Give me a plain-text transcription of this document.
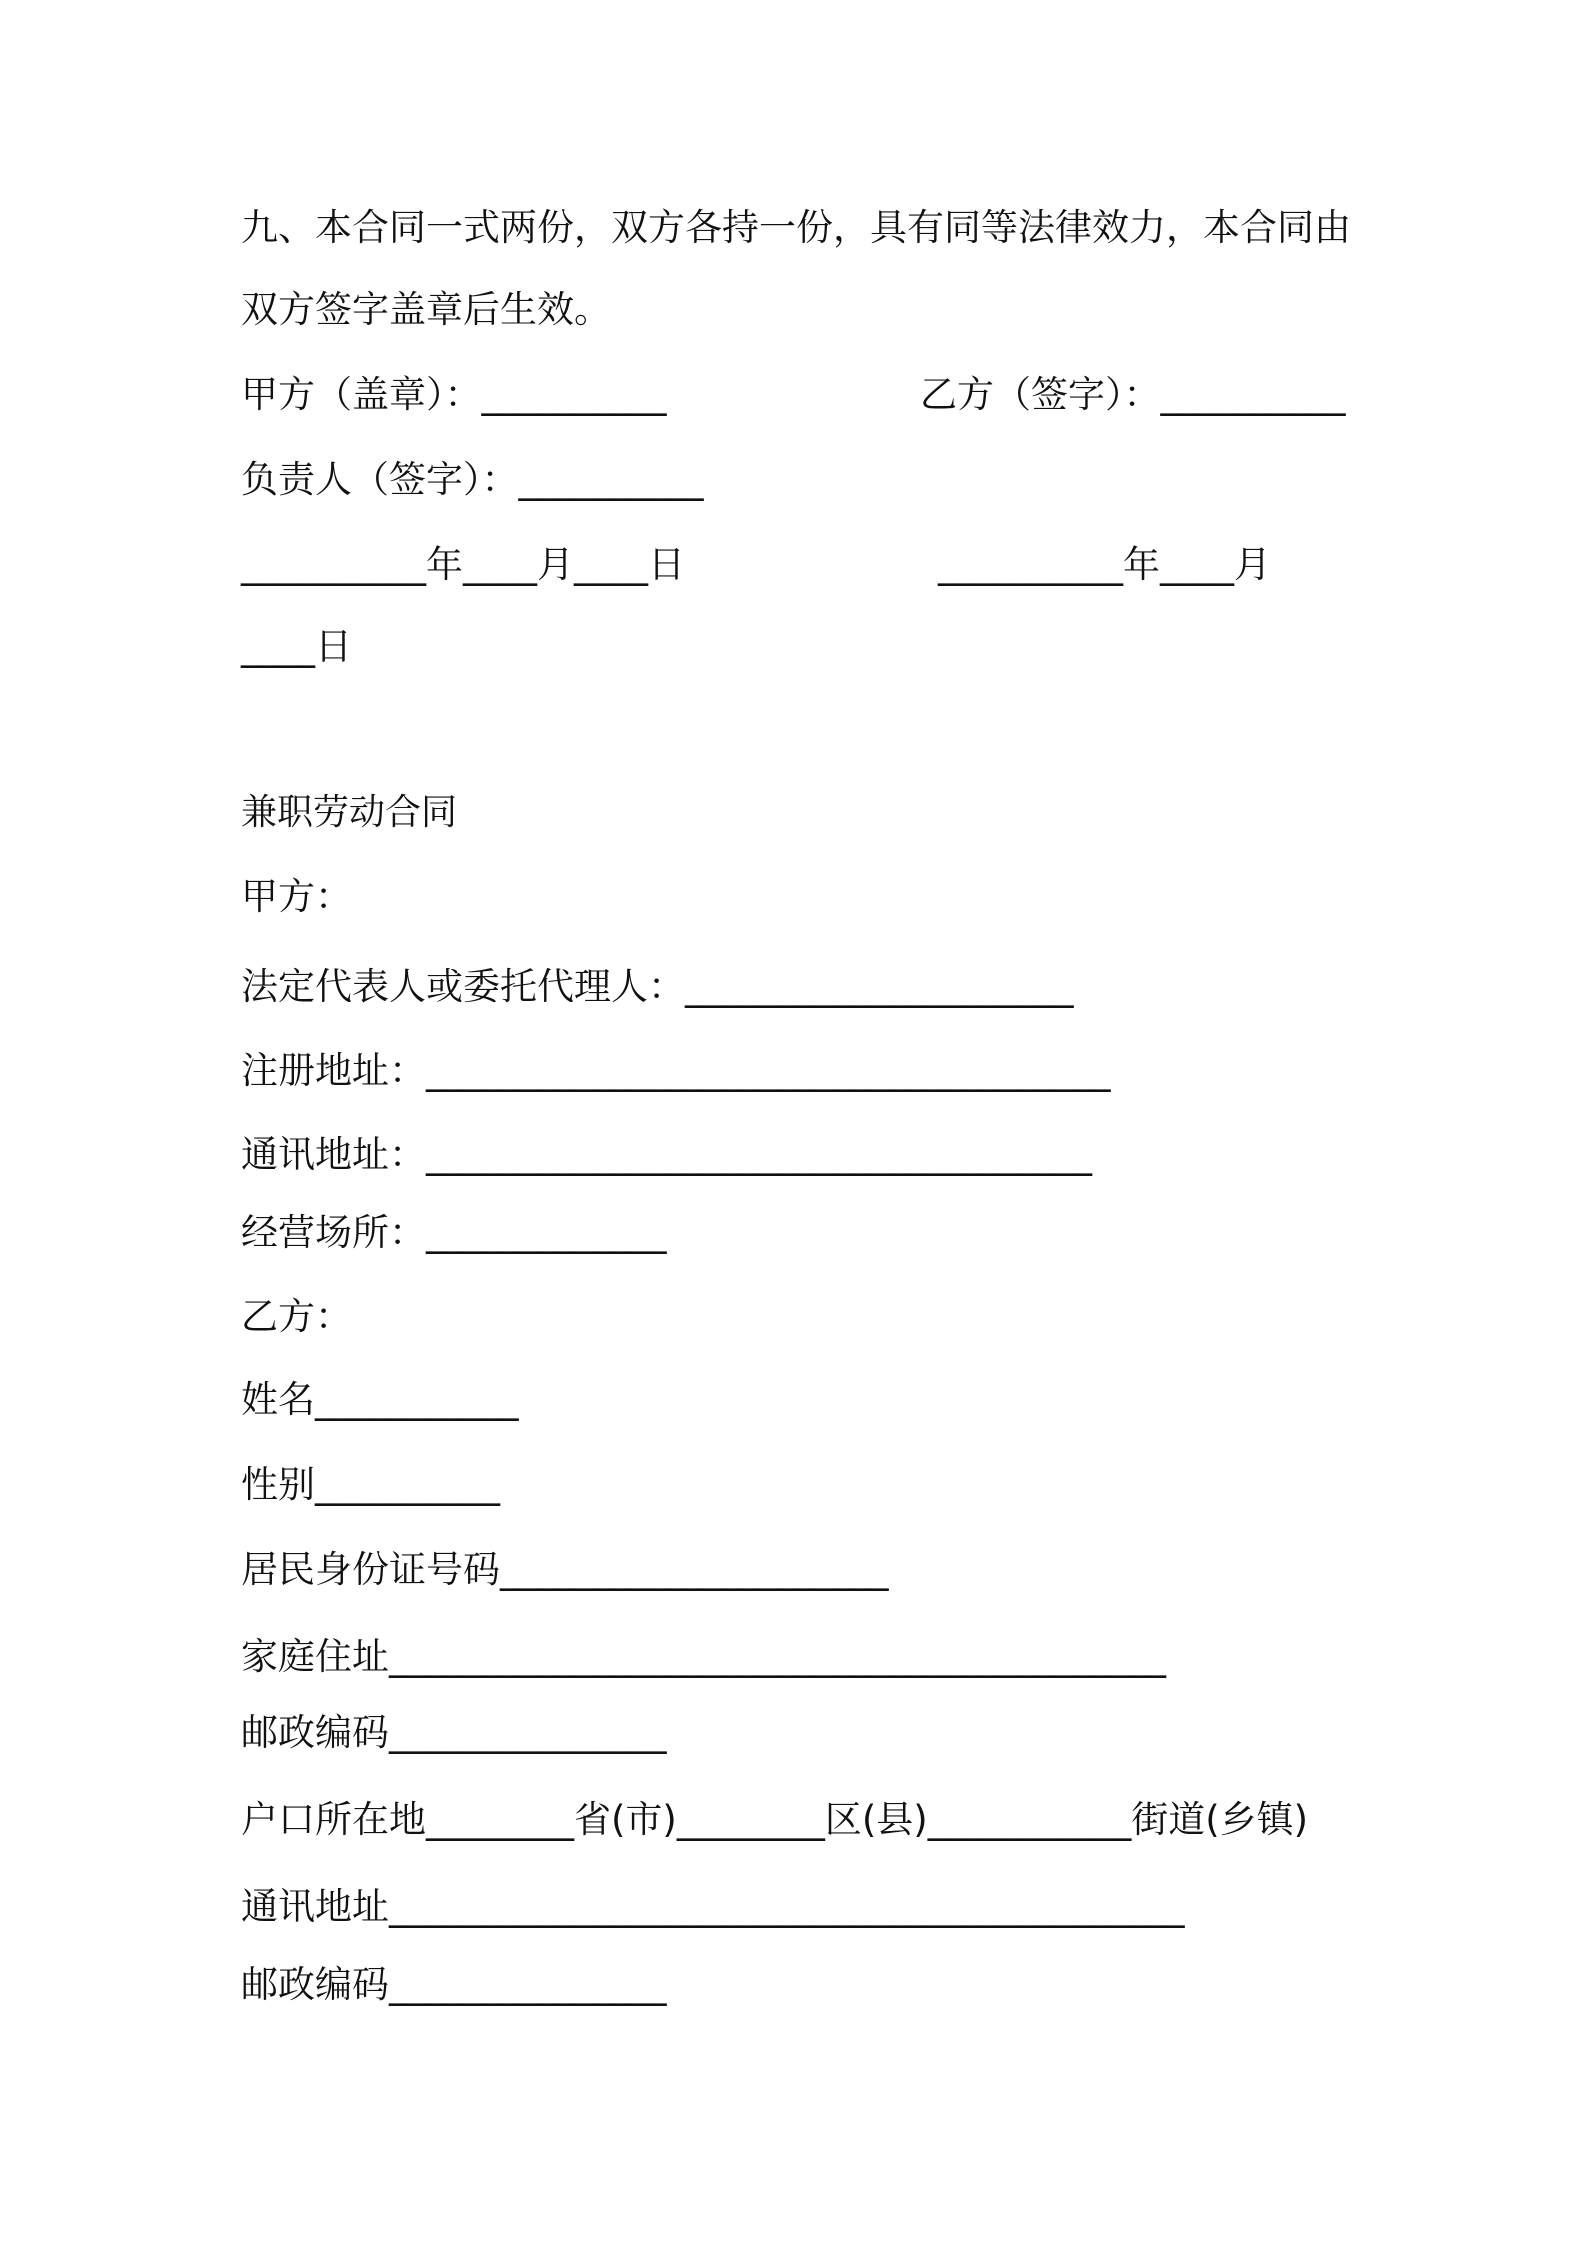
九、本合同一式两份，双方各持一份，具有同等法律效力，本合同由

双方签字盖章后生效。

甲方（盖章）：__________	乙方（签字）：__________

负责人（签字）：__________

__________年____月____日	__________年____月

____日

兼职劳动合同

甲方：

法定代表人或委托代理人：_____________________

注册地址：_____________________________________

通讯地址：____________________________________

经营场所：_____________

乙方：

姓名___________

性别__________

居民身份证号码_____________________

家庭住址__________________________________________

邮政编码_______________

户口所在地________省(市)________区(县)___________街道(乡镇)

通讯地址___________________________________________

邮政编码_______________
